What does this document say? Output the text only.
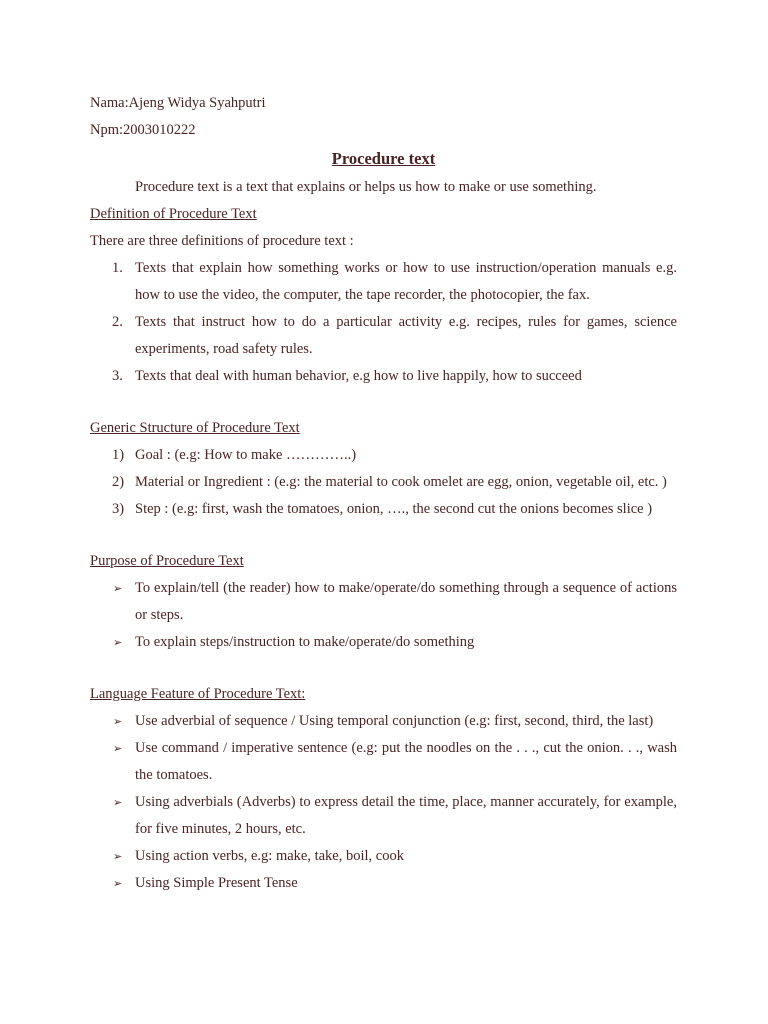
Nama:Ajeng Widya Syahputri
Npm:2003010222
Procedure text
Procedure text is a text that explains or helps us how to make or use something.
Definition of Procedure Text
There are three definitions of procedure text :
1. Texts that explain how something works or how to use instruction/operation manuals e.g. how to use the video, the computer, the tape recorder, the photocopier, the fax.
2. Texts that instruct how to do a particular activity e.g. recipes, rules for games, science experiments, road safety rules.
3. Texts that deal with human behavior, e.g how to live happily, how to succeed
Generic Structure of Procedure Text
1) Goal : (e.g: How to make …………..)
2) Material or Ingredient : (e.g: the material to cook omelet are egg, onion, vegetable oil, etc. )
3) Step : (e.g: first, wash the tomatoes, onion, …., the second cut the onions becomes slice )
Purpose of Procedure Text
➢ To explain/tell (the reader) how to make/operate/do something through a sequence of actions or steps.
➢ To explain steps/instruction to make/operate/do something
Language Feature of Procedure Text:
➢ Use adverbial of sequence / Using temporal conjunction (e.g: first, second, third, the last)
➢ Use command / imperative sentence (e.g: put the noodles on the . . ., cut the onion. . ., wash the tomatoes.
➢ Using adverbials (Adverbs) to express detail the time, place, manner accurately, for example, for five minutes, 2 hours, etc.
➢ Using action verbs, e.g: make, take, boil, cook
➢ Using Simple Present Tense
